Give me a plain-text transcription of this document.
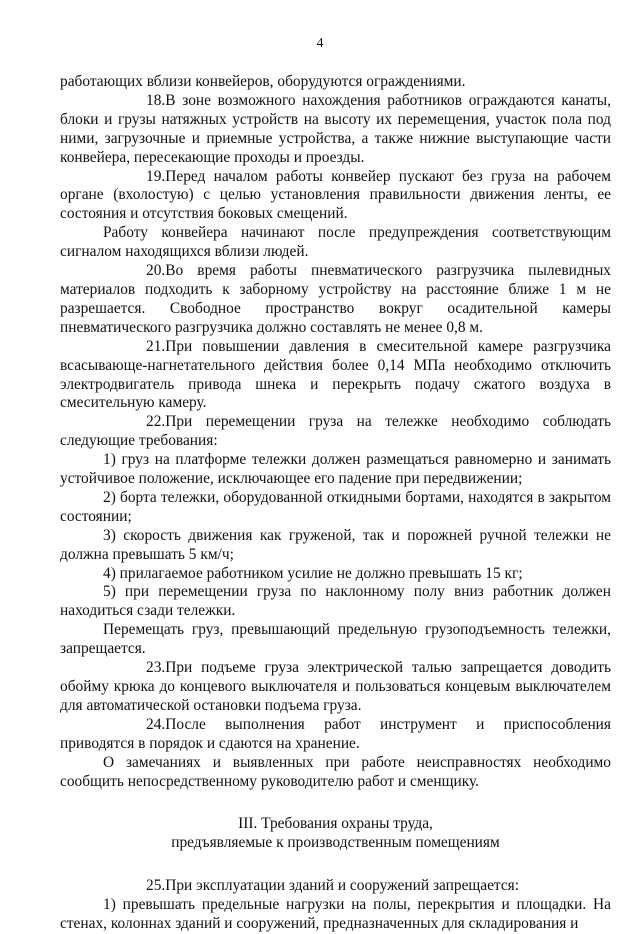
4

работающих вблизи конвейеров, оборудуются ограждениями.

18.В зоне возможного нахождения работников ограждаются канаты, блоки и грузы натяжных устройств на высоту их перемещения, участок пола под ними, загрузочные и приемные устройства, а также нижние выступающие части конвейера, пересекающие проходы и проезды.

19.Перед началом работы конвейер пускают без груза на рабочем органе (вхолостую) с целью установления правильности движения ленты, ее состояния и отсутствия боковых смещений.

Работу конвейера начинают после предупреждения соответствующим сигналом находящихся вблизи людей.

20.Во время работы пневматического разгрузчика пылевидных материалов подходить к заборному устройству на расстояние ближе 1 м не разрешается. Свободное пространство вокруг осадительной камеры пневматического разгрузчика должно составлять не менее 0,8 м.

21.При повышении давления в смесительной камере разгрузчика всасывающе-нагнетательного действия более 0,14 МПа необходимо отключить электродвигатель привода шнека и перекрыть подачу сжатого воздуха в смесительную камеру.

22.При перемещении груза на тележке необходимо соблюдать следующие требования:

1) груз на платформе тележки должен размещаться равномерно и занимать устойчивое положение, исключающее его падение при передвижении;

2) борта тележки, оборудованной откидными бортами, находятся в закрытом состоянии;

3) скорость движения как груженой, так и порожней ручной тележки не должна превышать 5 км/ч;

4) прилагаемое работником усилие не должно превышать 15 кг;

5) при перемещении груза по наклонному полу вниз работник должен находиться сзади тележки.

Перемещать груз, превышающий предельную грузоподъемность тележки, запрещается.

23.При подъеме груза электрической талью запрещается доводить обойму крюка до концевого выключателя и пользоваться концевым выключателем для автоматической остановки подъема груза.

24.После выполнения работ инструмент и приспособления приводятся в порядок и сдаются на хранение.

О замечаниях и выявленных при работе неисправностях необходимо сообщить непосредственному руководителю работ и сменщику.

III. Требования охраны труда,
предъявляемые к производственным помещениям

25.При эксплуатации зданий и сооружений запрещается:

1) превышать предельные нагрузки на полы, перекрытия и площадки. На стенах, колоннах зданий и сооружений, предназначенных для складирования и
